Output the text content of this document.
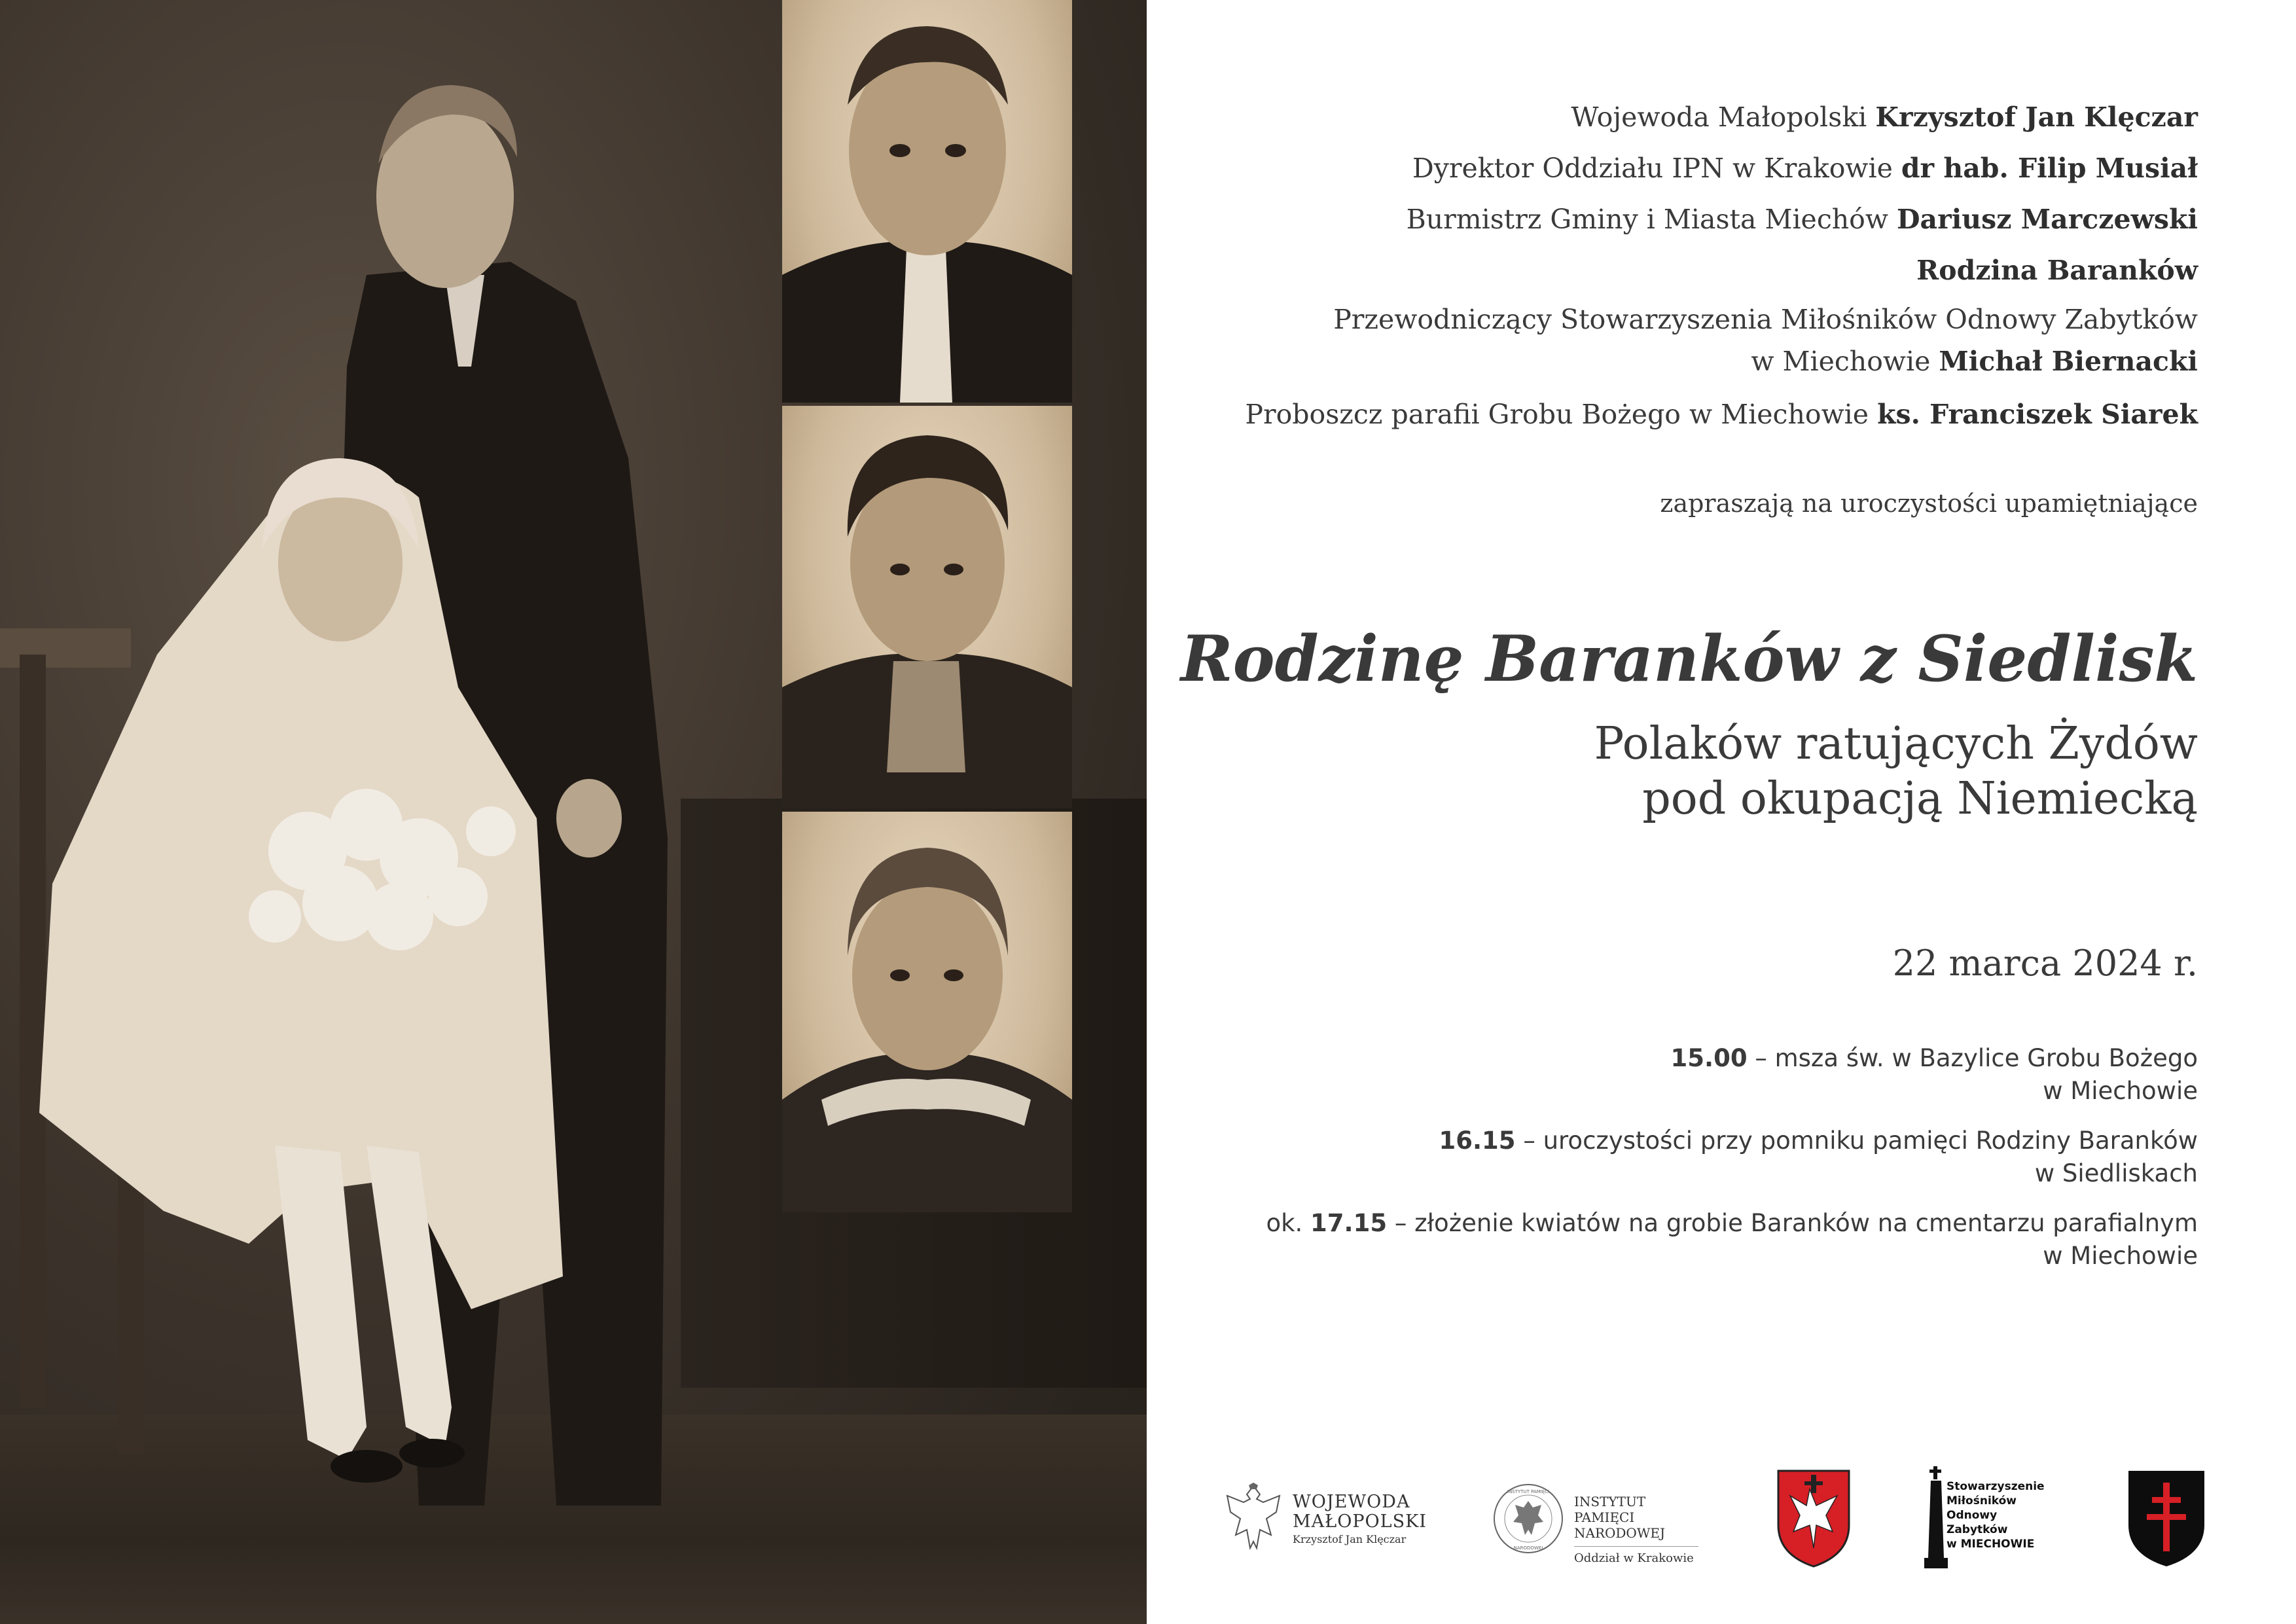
Wojewoda Małopolski Krzysztof Jan Klęczar

Dyrektor Oddziału IPN w Krakowie dr hab. Filip Musiał

Burmistrz Gminy i Miasta Miechów Dariusz Marczewski

Rodzina Baranków

Przewodniczący Stowarzyszenia Miłośników Odnowy Zabytków
w Miechowie Michał Biernacki

Proboszcz parafii Grobu Bożego w Miechowie ks. Franciszek Siarek

zapraszają na uroczystości upamiętniające

Rodzinę Baranków z Siedlisk
Polaków ratujących Żydów
pod okupacją Niemiecką
22 marca 2024 r.
15.00 – msza św. w Bazylice Grobu Bożego
w Miechowie
16.15 – uroczystości przy pomniku pamięci Rodziny Baranków
w Siedliskach
ok. 17.15 – złożenie kwiatów na grobie Baranków na cmentarzu parafialnym
w Miechowie
WOJEWODA
MAŁOPOLSKI
Krzysztof Jan Klęczar
INSTYTUT PAMIĘCI
NARODOWEJ
INSTYTUT PAMIĘCI
NARODOWEJ
Oddział w Krakowie
Stowarzyszenie
Miłośników
Odnowy
Zabytków
w MIECHOWIE
